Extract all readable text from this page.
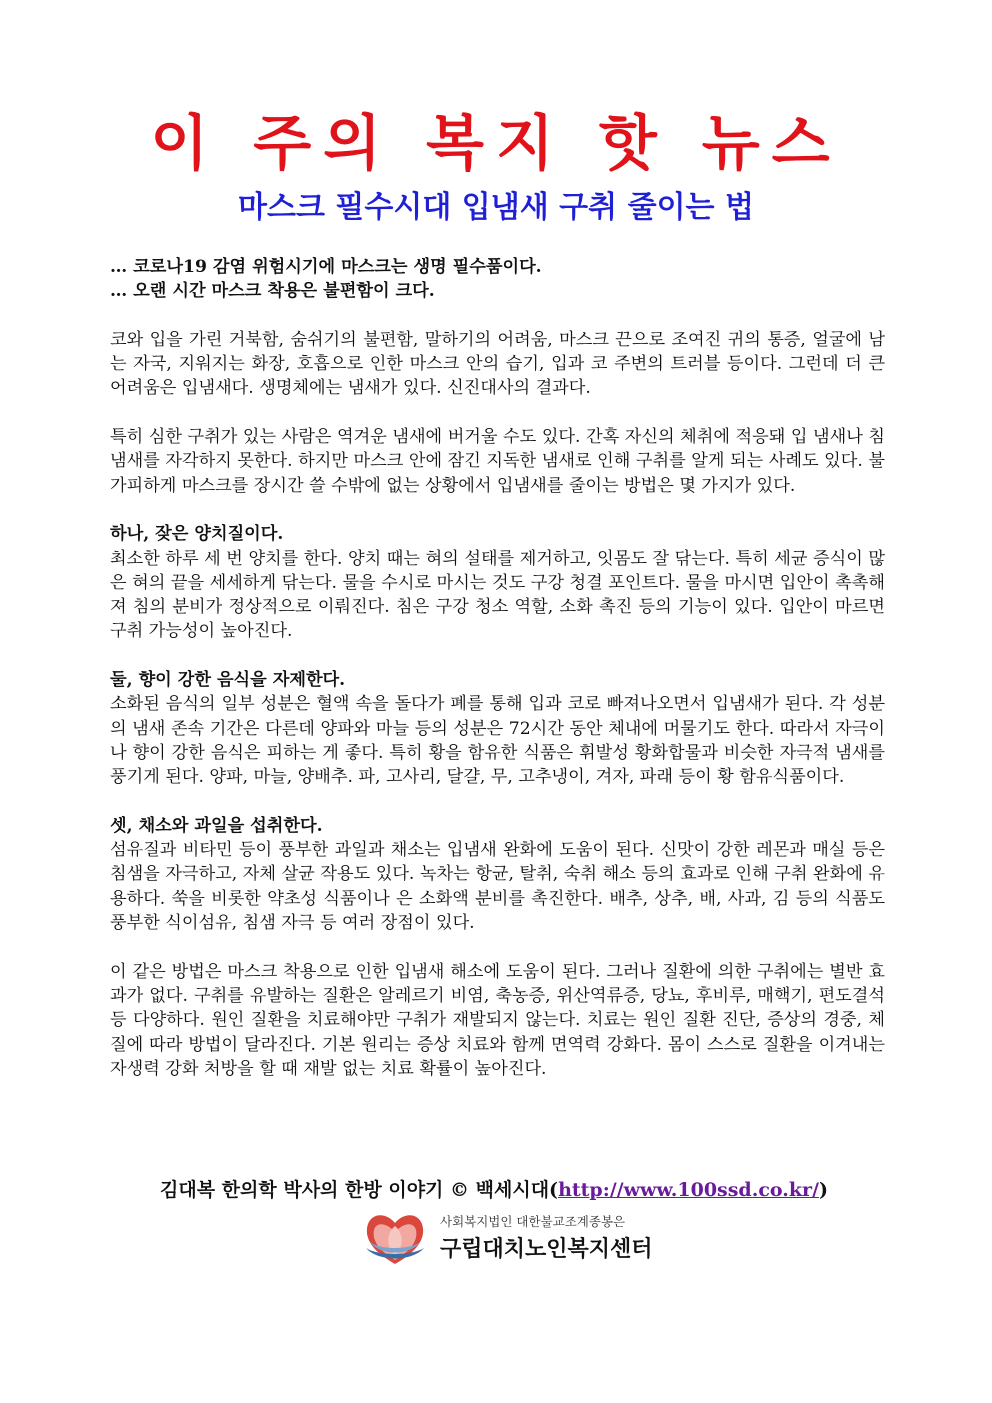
이 주의 복지 핫 뉴스
마스크 필수시대 입냄새 구취 줄이는 법
… 코로나19 감염 위험시기에 마스크는 생명 필수품이다.
… 오랜 시간 마스크 착용은 불편함이 크다.

코와 입을 가린 거북함, 숨쉬기의 불편함, 말하기의 어려움, 마스크 끈으로 조여진 귀의 통증, 얼굴에 남는 자국, 지워지는 화장, 호흡으로 인한 마스크 안의 습기, 입과 코 주변의 트러블 등이다. 그런데 더 큰 어려움은 입냄새다. 생명체에는 냄새가 있다. 신진대사의 결과다.

특히 심한 구취가 있는 사람은 역겨운 냄새에 버거울 수도 있다. 간혹 자신의 체취에 적응돼 입 냄새나 침 냄새를 자각하지 못한다. 하지만 마스크 안에 잠긴 지독한 냄새로 인해 구취를 알게 되는 사례도 있다. 불가피하게 마스크를 장시간 쓸 수밖에 없는 상황에서 입냄새를 줄이는 방법은 몇 가지가 있다.

하나, 잦은 양치질이다.

최소한 하루 세 번 양치를 한다. 양치 때는 혀의 설태를 제거하고, 잇몸도 잘 닦는다. 특히 세균 증식이 많은 혀의 끝을 세세하게 닦는다. 물을 수시로 마시는 것도 구강 청결 포인트다. 물을 마시면 입안이 촉촉해져 침의 분비가 정상적으로 이뤄진다. 침은 구강 청소 역할, 소화 촉진 등의 기능이 있다. 입안이 마르면 구취 가능성이 높아진다.

둘, 향이 강한 음식을 자제한다.

소화된 음식의 일부 성분은 혈액 속을 돌다가 폐를 통해 입과 코로 빠져나오면서 입냄새가 된다. 각 성분의 냄새 존속 기간은 다른데 양파와 마늘 등의 성분은 72시간 동안 체내에 머물기도 한다. 따라서 자극이나 향이 강한 음식은 피하는 게 좋다. 특히 황을 함유한 식품은 휘발성 황화합물과 비슷한 자극적 냄새를 풍기게 된다. 양파, 마늘, 양배추. 파, 고사리, 달걀, 무, 고추냉이, 겨자, 파래 등이 황 함유식품이다.

셋, 채소와 과일을 섭취한다.

섬유질과 비타민 등이 풍부한 과일과 채소는 입냄새 완화에 도움이 된다. 신맛이 강한 레몬과 매실 등은 침샘을 자극하고, 자체 살균 작용도 있다. 녹차는 항균, 탈취, 숙취 해소 등의 효과로 인해 구취 완화에 유용하다. 쑥을 비롯한 약초성 식품이나 은 소화액 분비를 촉진한다. 배추, 상추, 배, 사과, 김 등의 식품도 풍부한 식이섬유, 침샘 자극 등 여러 장점이 있다.

이 같은 방법은 마스크 착용으로 인한 입냄새 해소에 도움이 된다. 그러나 질환에 의한 구취에는 별반 효과가 없다. 구취를 유발하는 질환은 알레르기 비염, 축농증, 위산역류증, 당뇨, 후비루, 매핵기, 편도결석 등 다양하다. 원인 질환을 치료해야만 구취가 재발되지 않는다. 치료는 원인 질환 진단, 증상의 경중, 체질에 따라 방법이 달라진다. 기본 원리는 증상 치료와 함께 면역력 강화다. 몸이 스스로 질환을 이겨내는 자생력 강화 처방을 할 때 재발 없는 치료 확률이 높아진다.

김대복 한의학 박사의 한방 이야기 © 백세시대(http://www.100ssd.co.kr/)
사회복지법인 대한불교조계종봉은
구립대치노인복지센터
